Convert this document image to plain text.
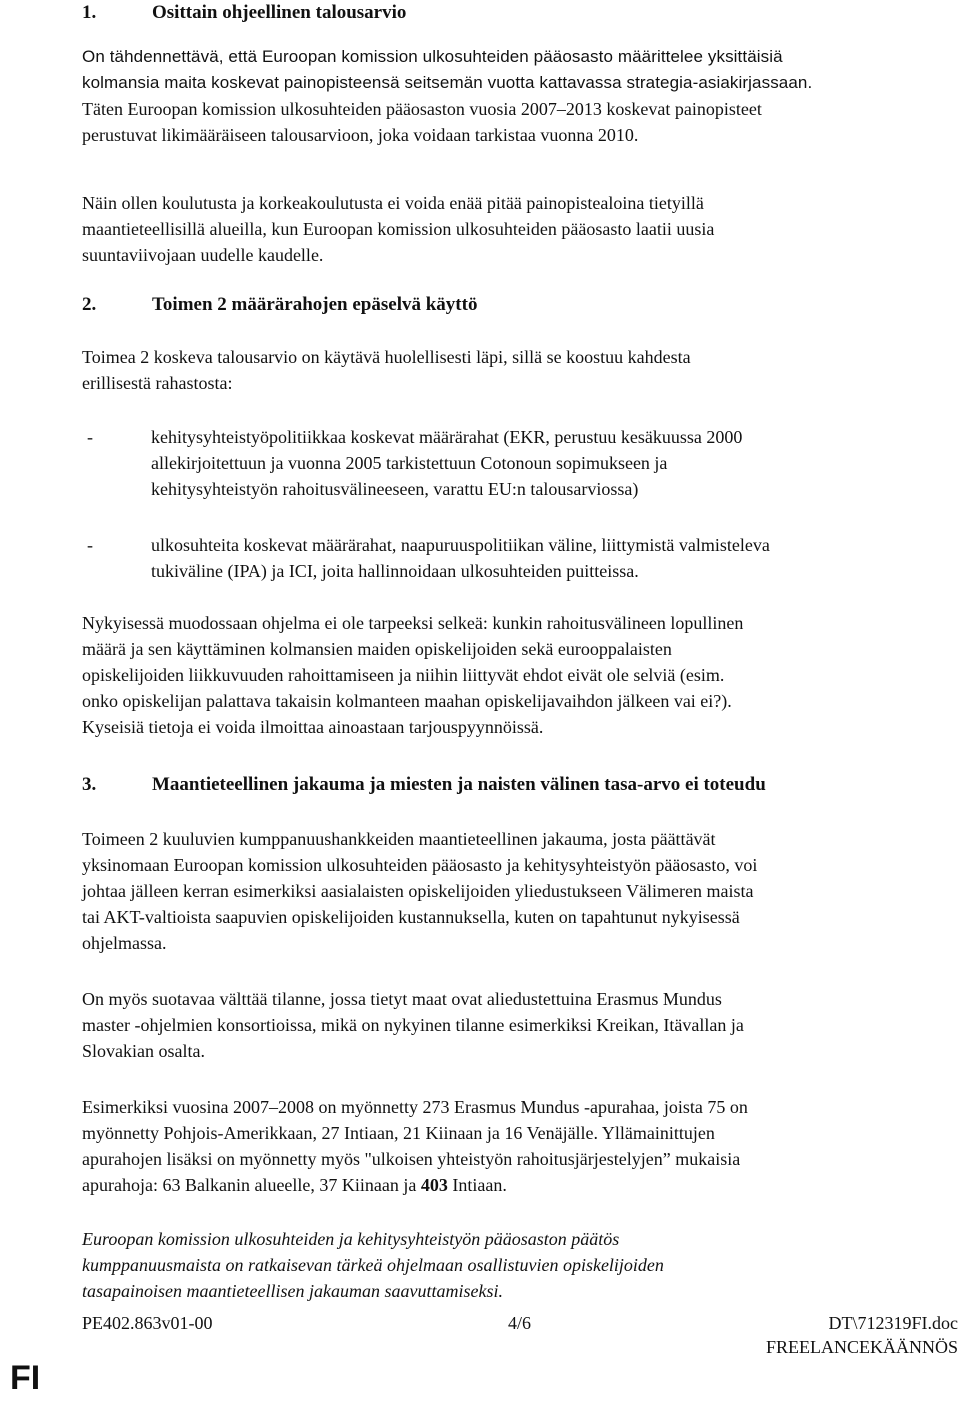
1.	Osittain ohjeellinen talousarvio
On tähdennettävä, että Euroopan komission ulkosuhteiden pääosasto määrittelee yksittäisiä
kolmansia maita koskevat painopisteensä seitsemän vuotta kattavassa strategia-asiakirjassaan.
Täten Euroopan komission ulkosuhteiden pääosaston vuosia 2007–2013 koskevat painopisteet
perustuvat likimääräiseen talousarvioon, joka voidaan tarkistaa vuonna 2010.
Näin ollen koulutusta ja korkeakoulutusta ei voida enää pitää painopistealoina tietyillä
maantieteellisillä alueilla, kun Euroopan komission ulkosuhteiden pääosasto laatii uusia
suuntaviivojaan uudelle kaudelle.
2.	Toimen 2 määrärahojen epäselvä käyttö
Toimea 2 koskeva talousarvio on käytävä huolellisesti läpi, sillä se koostuu kahdesta
erillisestä rahastosta:
-	kehitysyhteistyöpolitiikkaa koskevat määrärahat (EKR, perustuu kesäkuussa 2000
allekirjoitettuun ja vuonna 2005 tarkistettuun Cotonoun sopimukseen ja
kehitysyhteistyön rahoitusvälineeseen, varattu EU:n talousarviossa)
-	ulkosuhteita koskevat määrärahat, naapuruuspolitiikan väline, liittymistä valmisteleva
tukiväline (IPA) ja ICI, joita hallinnoidaan ulkosuhteiden puitteissa.
Nykyisessä muodossaan ohjelma ei ole tarpeeksi selkeä: kunkin rahoitusvälineen lopullinen
määrä ja sen käyttäminen kolmansien maiden opiskelijoiden sekä eurooppalaisten
opiskelijoiden liikkuvuuden rahoittamiseen ja niihin liittyvät ehdot eivät ole selviä (esim.
onko opiskelijan palattava takaisin kolmanteen maahan opiskelijavaihdon jälkeen vai ei?).
Kyseisiä tietoja ei voida ilmoittaa ainoastaan tarjouspyynnöissä.
3.	Maantieteellinen jakauma ja miesten ja naisten välinen tasa-arvo ei toteudu
Toimeen 2 kuuluvien kumppanuushankkeiden maantieteellinen jakauma, josta päättävät
yksinomaan Euroopan komission ulkosuhteiden pääosasto ja kehitysyhteistyön pääosasto, voi
johtaa jälleen kerran esimerkiksi aasialaisten opiskelijoiden yliedustukseen Välimeren maista
tai AKT-valtioista saapuvien opiskelijoiden kustannuksella, kuten on tapahtunut nykyisessä
ohjelmassa.
On myös suotavaa välttää tilanne, jossa tietyt maat ovat aliedustettuina Erasmus Mundus
master -ohjelmien konsortioissa, mikä on nykyinen tilanne esimerkiksi Kreikan, Itävallan ja
Slovakian osalta.
Esimerkiksi vuosina 2007–2008 on myönnetty 273 Erasmus Mundus -apurahaa, joista 75 on
myönnetty Pohjois-Amerikkaan, 27 Intiaan, 21 Kiinaan ja 16 Venäjälle. Yllämainittujen
apurahojen lisäksi on myönnetty myös "ulkoisen yhteistyön rahoitusjärjestelyjen” mukaisia
apurahoja: 63 Balkanin alueelle, 37 Kiinaan ja 403 Intiaan.
Euroopan komission ulkosuhteiden ja kehitysyhteistyön pääosaston päätös
kumppanuusmaista on ratkaisevan tärkeä ohjelmaan osallistuvien opiskelijoiden
tasapainoisen maantieteellisen jakauman saavuttamiseksi.
PE402.863v01-00	4/6	DT\712319FI.doc
FREELANCEKÄÄNNÖS
FI
